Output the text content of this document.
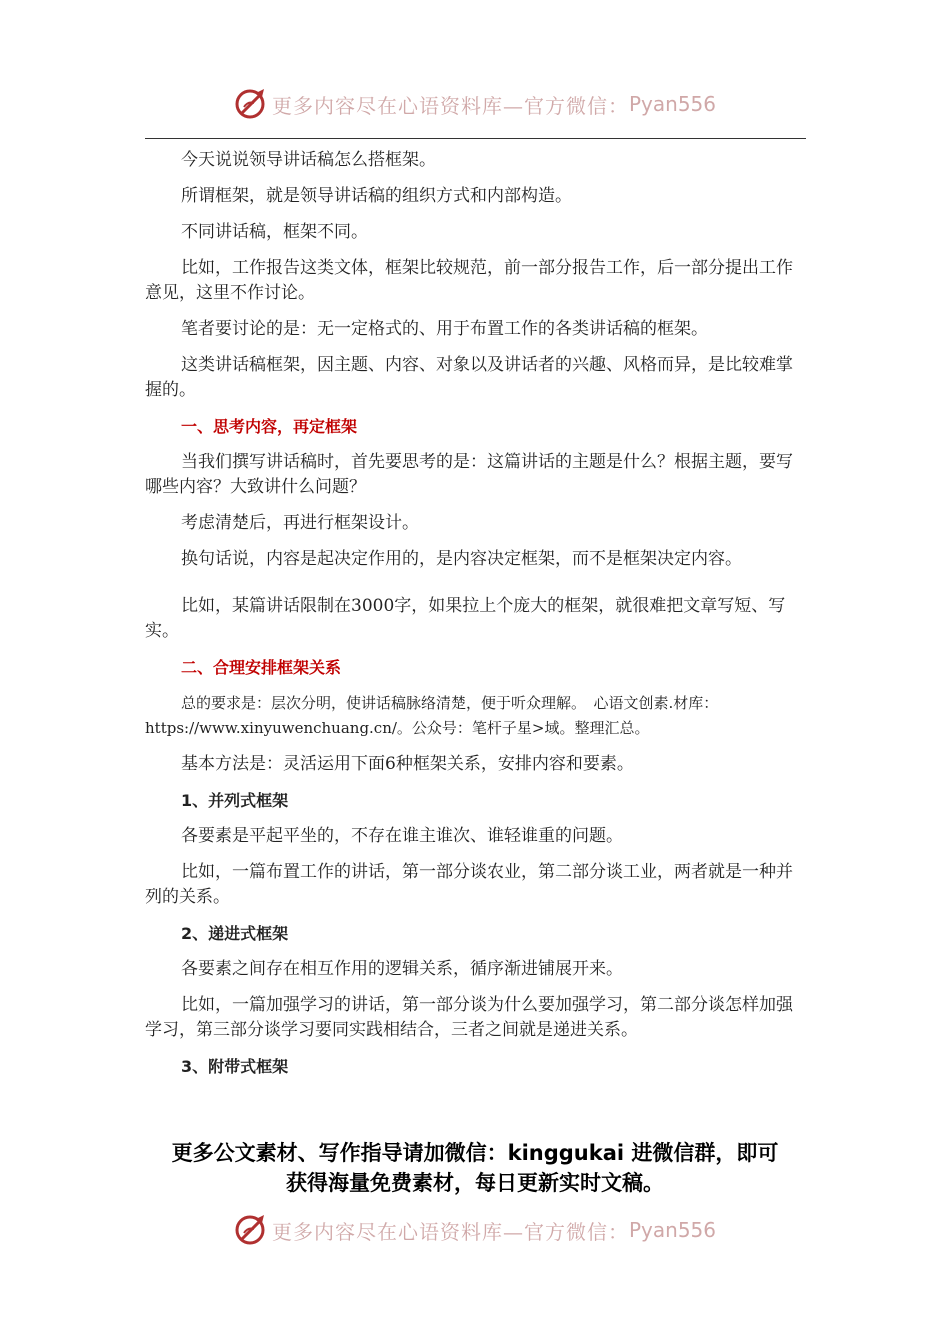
更多内容尽在心语资料库—官方微信： Pyan556

今天说说领导讲话稿怎么搭框架。

所谓框架，就是领导讲话稿的组织方式和内部构造。

不同讲话稿，框架不同。

比如，工作报告这类文体，框架比较规范，前一部分报告工作，后一部分提出工作意见，这里不作讨论。

笔者要讨论的是：无一定格式的、用于布置工作的各类讲话稿的框架。

这类讲话稿框架，因主题、内容、对象以及讲话者的兴趣、风格而异，是比较难掌握的。

一、思考内容，再定框架

当我们撰写讲话稿时，首先要思考的是：这篇讲话的主题是什么？根据主题，要写哪些内容？大致讲什么问题？

考虑清楚后，再进行框架设计。

换句话说，内容是起决定作用的，是内容决定框架，而不是框架决定内容。

比如，某篇讲话限制在3000字，如果拉上个庞大的框架，就很难把文章写短、写实。

二、合理安排框架关系

总的要求是：层次分明，使讲话稿脉络清楚，便于听众理解。　心语文创素.材库：https://www.xinyuwenchuang.cn/。公众号：笔杆子星>域。整理汇总。

基本方法是：灵活运用下面6种框架关系，安排内容和要素。

1、并列式框架

各要素是平起平坐的，不存在谁主谁次、谁轻谁重的问题。

比如，一篇布置工作的讲话，第一部分谈农业，第二部分谈工业，两者就是一种并列的关系。

2、递进式框架

各要素之间存在相互作用的逻辑关系，循序渐进铺展开来。

比如，一篇加强学习的讲话，第一部分谈为什么要加强学习，第二部分谈怎样加强学习，第三部分谈学习要同实践相结合，三者之间就是递进关系。

3、附带式框架

更多公文素材、写作指导请加微信：kinggukai 进微信群，即可
获得海量免费素材，每日更新实时文稿。
更多内容尽在心语资料库—官方微信： Pyan556
